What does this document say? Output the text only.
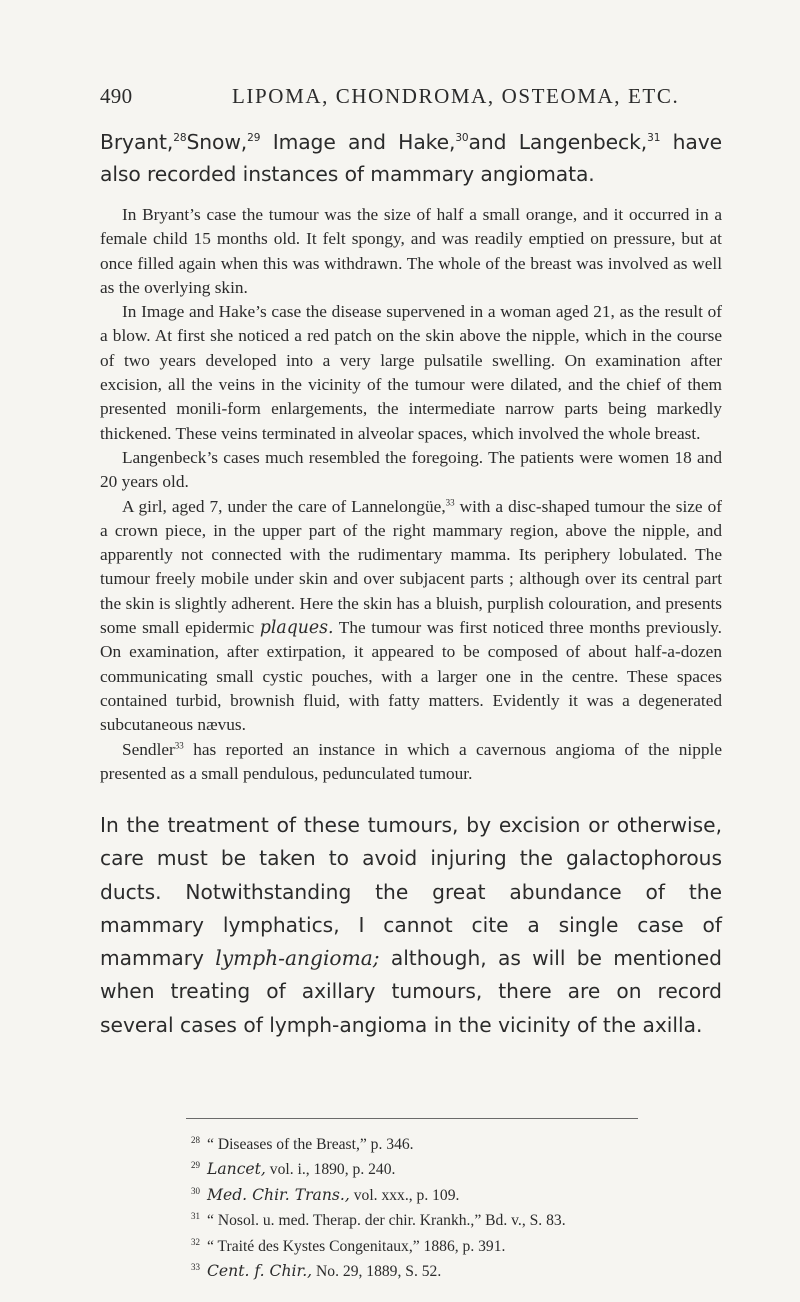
490	LIPOMA, CHONDROMA, OSTEOMA, ETC.

Bryant,$^{28}$Snow,$^{29}$ Image and Hake,$^{30}$and Langenbeck,$^{31}$ have also recorded instances of mammary angiomata.

In Bryant’s case the tumour was the size of half a small orange, and it occurred in a female child 15 months old. It felt spongy, and was readily emptied on pressure, but at once filled again when this was withdrawn. The whole of the breast was involved as well as the overlying skin.

In Image and Hake’s case the disease supervened in a woman aged 21, as the result of a blow. At first she noticed a red patch on the skin above the nipple, which in the course of two years developed into a very large pulsatile swelling. On examination after excision, all the veins in the vicinity of the tumour were dilated, and the chief of them presented monili-form enlargements, the intermediate narrow parts being markedly thickened. These veins terminated in alveolar spaces, which involved the whole breast.

Langenbeck’s cases much resembled the foregoing. The patients were women 18 and 20 years old.

A girl, aged 7, under the care of Lannelongüe,$^{33}$ with a disc-shaped tumour the size of a crown piece, in the upper part of the right mammary region, above the nipple, and apparently not connected with the rudimentary mamma. Its periphery lobulated. The tumour freely mobile under skin and over subjacent parts ; although over its central part the skin is slightly adherent. Here the skin has a bluish, purplish colouration, and presents some small epidermic plaques. The tumour was first noticed three months previously. On examination, after extirpation, it appeared to be composed of about half-a-dozen communicating small cystic pouches, with a larger one in the centre. These spaces contained turbid, brownish fluid, with fatty matters. Evidently it was a degenerated subcutaneous nævus.

Sendler$^{33}$ has reported an instance in which a cavernous angioma of the nipple presented as a small pendulous, pedunculated tumour.

In the treatment of these tumours, by excision or otherwise, care must be taken to avoid injuring the galactophorous ducts. Notwithstanding the great abundance of the mammary lymphatics, I cannot cite a single case of mammary lymph-angioma; although, as will be mentioned when treating of axillary tumours, there are on record several cases of lymph-angioma in the vicinity of the axilla.

28 “ Diseases of the Breast,” p. 346.
29 Lancet, vol. i., 1890, p. 240.
30 Med. Chir. Trans., vol. xxx., p. 109.
31 “ Nosol. u. med. Therap. der chir. Krankh.,” Bd. v., S. 83.
32 “ Traité des Kystes Congenitaux,” 1886, p. 391.
33 Cent. f. Chir., No. 29, 1889, S. 52.
